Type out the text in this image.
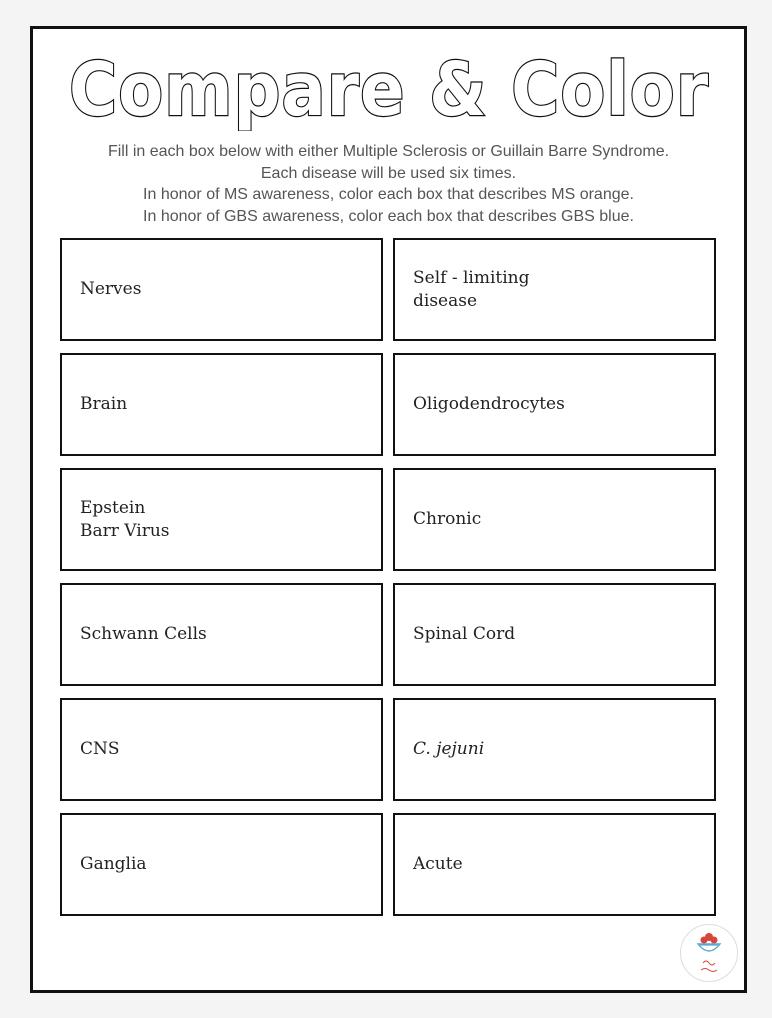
Compare & Color
Fill in each box below with either Multiple Sclerosis or Guillain Barre Syndrome.
Each disease will be used six times.
In honor of MS awareness, color each box that describes MS orange.
In honor of GBS awareness, color each box that describes GBS blue.
Nerves
Self - limiting
disease
Brain	Oligodendrocytes
Epstein
Barr Virus
Chronic
Schwann Cells	Spinal Cord
CNS	C. jejuni
Ganglia	Acute
